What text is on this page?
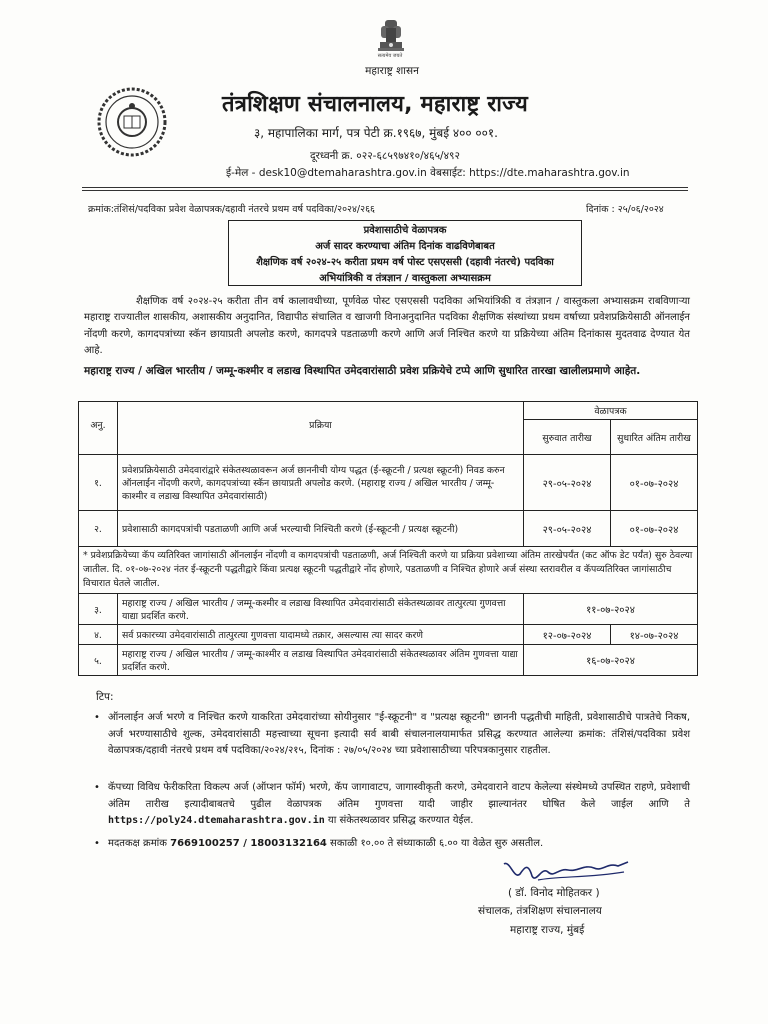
सत्यमेव जयते
महाराष्ट्र शासन
तंत्रशिक्षण संचालनालय, महाराष्ट्र राज्य
३, महापालिका मार्ग, पत्र पेटी क्र.१९६७, मुंबई ४०० ००१.
दूरध्वनी क्र. ०२२-६८५९७४१०/४६५/४९२
ई-मेल - desk10@dtemaharashtra.gov.in वेबसाईट: https://dte.maharashtra.gov.in
क्रमांक:तंशिसं/पदविका प्रवेश वेळापत्रक/दहावी नंतरचे प्रथम वर्ष पदविका/२०२४/२६६	दिनांक : २५/०६/२०२४
प्रवेशासाठीचे वेळापत्रक
अर्ज सादर करण्याचा अंतिम दिनांक वाढविणेबाबत
शैक्षणिक वर्ष २०२४-२५ करीता प्रथम वर्ष पोस्ट एसएससी (दहावी नंतरचे) पदविका
अभियांत्रिकी व तंत्रज्ञान / वास्तुकला अभ्यासक्रम
शैक्षणिक वर्ष २०२४-२५ करीता तीन वर्ष कालावधीच्या, पूर्णवेळ पोस्ट एसएससी पदविका अभियांत्रिकी व तंत्रज्ञान / वास्तुकला अभ्यासक्रम राबविणाऱ्या महाराष्ट्र राज्यातील शासकीय, अशासकीय अनुदानित, विद्यापीठ संचालित व खाजगी विनाअनुदानित पदविका शैक्षणिक संस्थांच्या प्रथम वर्षाच्या प्रवेशप्रक्रियेसाठी ऑनलाईन नोंदणी करणे, कागदपत्रांच्या स्कॅन छायाप्रती अपलोड करणे, कागदपत्रे पडताळणी करणे आणि अर्ज निश्चित करणे या प्रक्रियेच्या अंतिम दिनांकास मुदतवाढ देण्यात येत आहे.
महाराष्ट्र राज्य / अखिल भारतीय / जम्मू-कश्मीर व लडाख विस्थापित उमेदवारांसाठी प्रवेश प्रक्रियेचे टप्पे आणि सुधारित तारखा खालीलप्रमाणे आहेत.
अनु.	प्रक्रिया	वेळापत्रक	
		सुरुवात तारीख	सुधारित अंतिम तारीख
१.	प्रवेशप्रक्रियेसाठी उमेदवारांद्वारे संकेतस्थळावरून अर्ज छाननीची योग्य पद्धत (ई-स्क्रूटनी / प्रत्यक्ष स्क्रूटनी) निवड करुन ऑनलाईन नोंदणी करणे, कागदपत्रांच्या स्कॅन छायाप्रती अपलोड करणे. (महाराष्ट्र राज्य / अखिल भारतीय / जम्मू-काश्मीर व लडाख विस्थापित उमेदवारांसाठी)	२९-०५-२०२४	०१-०७-२०२४
२.	प्रवेशासाठी कागदपत्रांची पडताळणी आणि अर्ज भरल्याची निश्चिती करणे (ई-स्क्रूटनी / प्रत्यक्ष स्क्रूटनी)	२९-०५-२०२४	०१-०७-२०२४
* प्रवेशप्रक्रियेच्या कॅप व्यतिरिक्त जागांसाठी ऑनलाईन नोंदणी व कागदपत्रांची पडताळणी, अर्ज निश्चिती करणे या प्रक्रिया प्रवेशाच्या अंतिम तारखेपर्यंत (कट ऑफ डेट पर्यंत) सुरु ठेवल्या जातील. दि. ०१-०७-२०२४ नंतर ई-स्क्रूटनी पद्धतीद्वारे किंवा प्रत्यक्ष स्क्रूटनी पद्धतीद्वारे नोंद होणारे, पडताळणी व निश्चित होणारे अर्ज संस्था स्तरावरील व कॅपव्यतिरिक्त जागांसाठीच विचारात घेतले जातील.			
३.	महाराष्ट्र राज्य / अखिल भारतीय / जम्मू-कश्मीर व लडाख विस्थापित उमेदवारांसाठी संकेतस्थळावर तात्पुरत्या गुणवत्ता याद्या प्रदर्शित करणे.	११-०७-२०२४	
४.	सर्व प्रकारच्या उमेदवारांसाठी तात्पुरत्या गुणवत्ता यादामध्ये तक्रार, असल्यास त्या सादर करणे	१२-०७-२०२४	१४-०७-२०२४
५.	महाराष्ट्र राज्य / अखिल भारतीय / जम्मू-काश्मीर व लडाख विस्थापित उमेदवारांसाठी संकेतस्थळावर अंतिम गुणवत्ता याद्या प्रदर्शित करणे.	१६-०७-२०२४	
टिप:
• ऑनलाईन अर्ज भरणे व निश्चित करणे याकरिता उमेदवारांच्या सोयीनुसार "ई-स्क्रूटनी" व "प्रत्यक्ष स्क्रूटनी" छाननी पद्धतीची माहिती, प्रवेशासाठीचे पात्रतेचे निकष, अर्ज भरण्यासाठीचे शुल्क, उमेदवारांसाठी महत्त्वाच्या सूचना इत्यादी सर्व बाबी संचालनालयामार्फत प्रसिद्ध करण्यात आलेल्या क्रमांक: तंशिसं/पदविका प्रवेश वेळापत्रक/दहावी नंतरचे प्रथम वर्ष पदविका/२०२४/२१५, दिनांक : २७/०५/२०२४ च्या प्रवेशासाठीच्या परिपत्रकानुसार राहतील.
• कॅपच्या विविध फेरीकरिता विकल्प अर्ज (ऑप्शन फॉर्म) भरणे, कॅप जागावाटप, जागास्वीकृती करणे, उमेदवाराने वाटप केलेल्या संस्थेमध्ये उपस्थित राहणे, प्रवेशाची अंतिम तारीख इत्यादीबाबतचे पुढील वेळापत्रक अंतिम गुणवत्ता यादी जाहीर झाल्यानंतर घोषित केले जाईल आणि ते https://poly24.dtemaharashtra.gov.in या संकेतस्थळावर प्रसिद्ध करण्यात येईल.
• मदतकक्ष क्रमांक 7669100257 / 18003132164 सकाळी १०.०० ते संध्याकाळी ६.०० या वेळेत सुरु असतील.
( डॉ. विनोद मोहितकर )
संचालक, तंत्रशिक्षण संचालनालय
महाराष्ट्र राज्य, मुंबई
